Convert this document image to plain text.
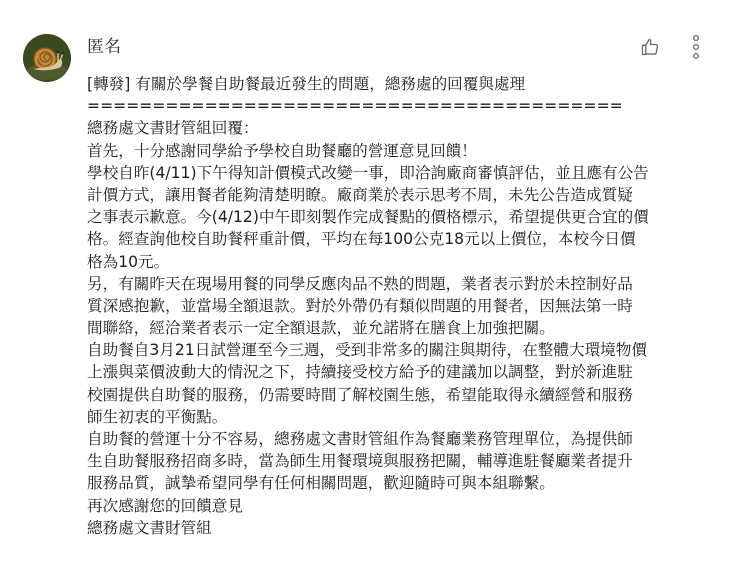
匿名
[轉發] 有關於學餐自助餐最近發生的問題，總務處的回覆與處理
=========================================
總務處文書財管組回覆：
首先，十分感謝同學給予學校自助餐廳的營運意見回饋！
學校自昨(4/11)下午得知計價模式改變一事，即洽詢廠商審慎評估，並且應有公告
計價方式，讓用餐者能夠清楚明瞭。廠商業於表示思考不周，未先公告造成質疑
之事表示歉意。今(4/12)中午即刻製作完成餐點的價格標示，希望提供更合宜的價
格。經查詢他校自助餐秤重計價，平均在每100公克18元以上價位，本校今日價
格為10元。
另，有關昨天在現場用餐的同學反應肉品不熟的問題，業者表示對於未控制好品
質深感抱歉，並當場全額退款。對於外帶仍有類似問題的用餐者，因無法第一時
間聯絡，經洽業者表示一定全額退款，並允諾將在膳食上加強把關。
自助餐自3月21日試營運至今三週，受到非常多的關注與期待，在整體大環境物價
上漲與菜價波動大的情況之下，持續接受校方給予的建議加以調整，對於新進駐
校園提供自助餐的服務，仍需要時間了解校園生態，希望能取得永續經營和服務
師生初衷的平衡點。
自助餐的營運十分不容易，總務處文書財管組作為餐廳業務管理單位，為提供師
生自助餐服務招商多時，當為師生用餐環境與服務把關，輔導進駐餐廳業者提升
服務品質，誠摯希望同學有任何相關問題，歡迎隨時可與本組聯繫。
再次感謝您的回饋意見
總務處文書財管組
